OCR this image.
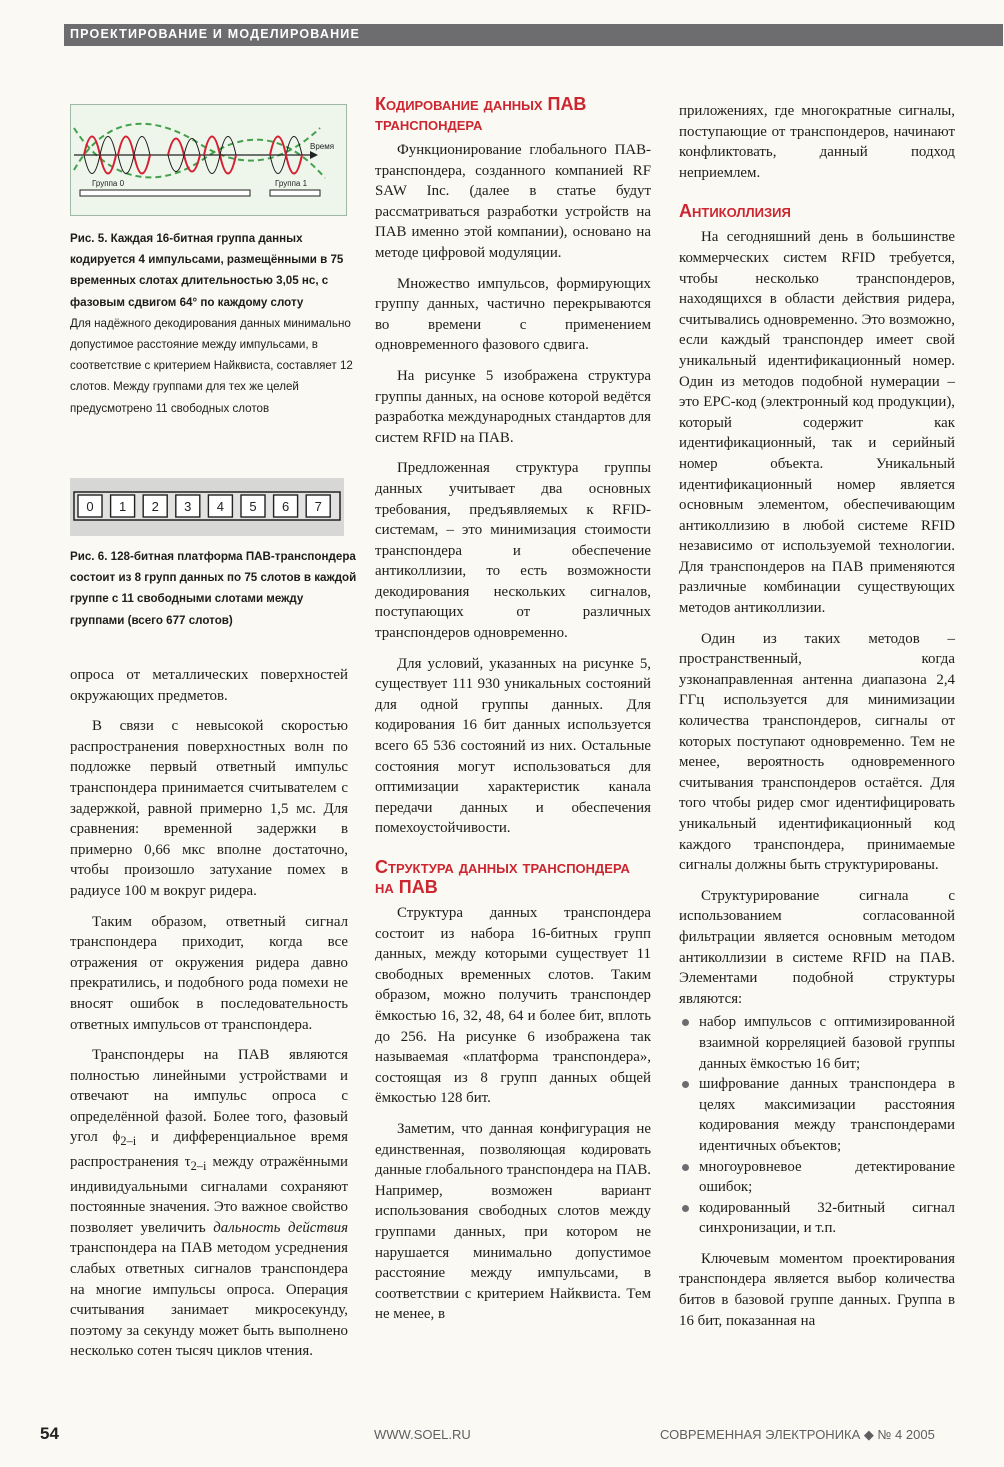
ПРОЕКТИРОВАНИЕ И МОДЕЛИРОВАНИЕ
Время
Группа 0	Группа 1
Рис. 5. Каждая 16-битная группа данных кодируется 4 импульсами, размещёнными в 75 временных слотах длительностью 3,05 нс, с фазовым сдвигом 64° по каждому слоту
Для надёжного декодирования данных минимально допустимое расстояние между импульсами, в соответствие с критерием Найквиста, составляет 12 слотов. Между группами для тех же целей предусмотрено 11 свободных слотов
0 1 2 3 4 5 6 7
Рис. 6. 128-битная платформа ПАВ-транспондера состоит из 8 групп данных по 75 слотов в каждой группе с 11 свободными слотами между группами (всего 677 слотов)

опроса от металлических поверхностей окружающих предметов.

В связи с невысокой скоростью распространения поверхностных волн по подложке первый ответный импульс транспондера принимается считывателем с задержкой, равной примерно 1,5 мс. Для сравнения: временной задержки в примерно 0,66 мкс вполне достаточно, чтобы произошло затухание помех в радиусе 100 м вокруг ридера.

Таким образом, ответный сигнал транспондера приходит, когда все отражения от окружения ридера давно прекратились, и подобного рода помехи не вносят ошибок в последовательность ответных импульсов от транспондера.

Транспондеры на ПАВ являются полностью линейными устройствами и отвечают на импульс опроса с определённой фазой. Более того, фазовый угол $\phi_{2-i}$ и дифференциальное время распространения $\tau_{2-i}$ между отражёнными индивидуальными сигналами сохраняют постоянные значения. Это важное свойство позволяет увеличить дальность действия транспондера на ПАВ методом усреднения слабых ответных сигналов транспондера на многие импульсы опроса. Операция считывания занимает микросекунду, поэтому за секунду может быть выполнено несколько сотен тысяч циклов чтения.

Кодирование данных ПАВ транспондера

Функционирование глобального ПАВ-транспондера, созданного компанией RF SAW Inc. (далее в статье будут рассматриваться разработки устройств на ПАВ именно этой компании), основано на методе цифровой модуляции.

Множество импульсов, формирующих группу данных, частично перекрываются во времени с применением одновременного фазового сдвига.

На рисунке 5 изображена структура группы данных, на основе которой ведётся разработка международных стандартов для систем RFID на ПАВ.

Предложенная структура группы данных учитывает два основных требования, предъявляемых к RFID-системам, – это минимизация стоимости транспондера и обеспечение антиколлизии, то есть возможности декодирования нескольких сигналов, поступающих от различных транспондеров одновременно.

Для условий, указанных на рисунке 5, существует 111 930 уникальных состояний для одной группы данных. Для кодирования 16 бит данных используется всего 65 536 состояний из них. Остальные состояния могут использоваться для оптимизации характеристик канала передачи данных и обеспечения помехоустойчивости.

Структура данных транспондера на ПАВ

Структура данных транспондера состоит из набора 16-битных групп данных, между которыми существует 11 свободных временных слотов. Таким образом, можно получить транспондер ёмкостью 16, 32, 48, 64 и более бит, вплоть до 256. На рисунке 6 изображена так называемая «платформа транспондера», состоящая из 8 групп данных общей ёмкостью 128 бит.

Заметим, что данная конфигурация не единственная, позволяющая кодировать данные глобального транспондера на ПАВ. Например, возможен вариант использования свободных слотов между группами данных, при котором не нарушается минимально допустимое расстояние между импульсами, в соответствии с критерием Найквиста. Тем не менее, в

приложениях, где многократные сигналы, поступающие от транспондеров, начинают конфликтовать, данный подход неприемлем.

Антиколлизия

На сегодняшний день в большинстве коммерческих систем RFID требуется, чтобы несколько транспондеров, находящихся в области действия ридера, считывались одновременно. Это возможно, если каждый транспондер имеет свой уникальный идентификационный номер. Один из методов подобной нумерации – это EPC-код (электронный код продукции), который содержит как идентификационный, так и серийный номер объекта. Уникальный идентификационный номер является основным элементом, обеспечивающим антиколлизию в любой системе RFID независимо от используемой технологии. Для транспондеров на ПАВ применяются различные комбинации существующих методов антиколлизии.

Один из таких методов – пространственный, когда узконаправленная антенна диапазона 2,4 ГГц используется для минимизации количества транспондеров, сигналы от которых поступают одновременно. Тем не менее, вероятность одновременного считывания транспондеров остаётся. Для того чтобы ридер смог идентифицировать уникальный идентификационный код каждого транспондера, принимаемые сигналы должны быть структурированы.

Структурирование сигнала с использованием согласованной фильтрации является основным методом антиколлизии в системе RFID на ПАВ. Элементами подобной структуры являются:

набор импульсов с оптимизированной взаимной корреляцией базовой группы данных ёмкостью 16 бит;
шифрование данных транспондера в целях максимизации расстояния кодирования между транспондерами идентичных объектов;
многоуровневое детектирование ошибок;
кодированный 32-битный сигнал синхронизации, и т.п.

Ключевым моментом проектирования транспондера является выбор количества битов в базовой группе данных. Группа в 16 бит, показанная на

54	WWW.SOEL.RU	СОВРЕМЕННАЯ ЭЛЕКТРОНИКА ◆ № 4 2005
